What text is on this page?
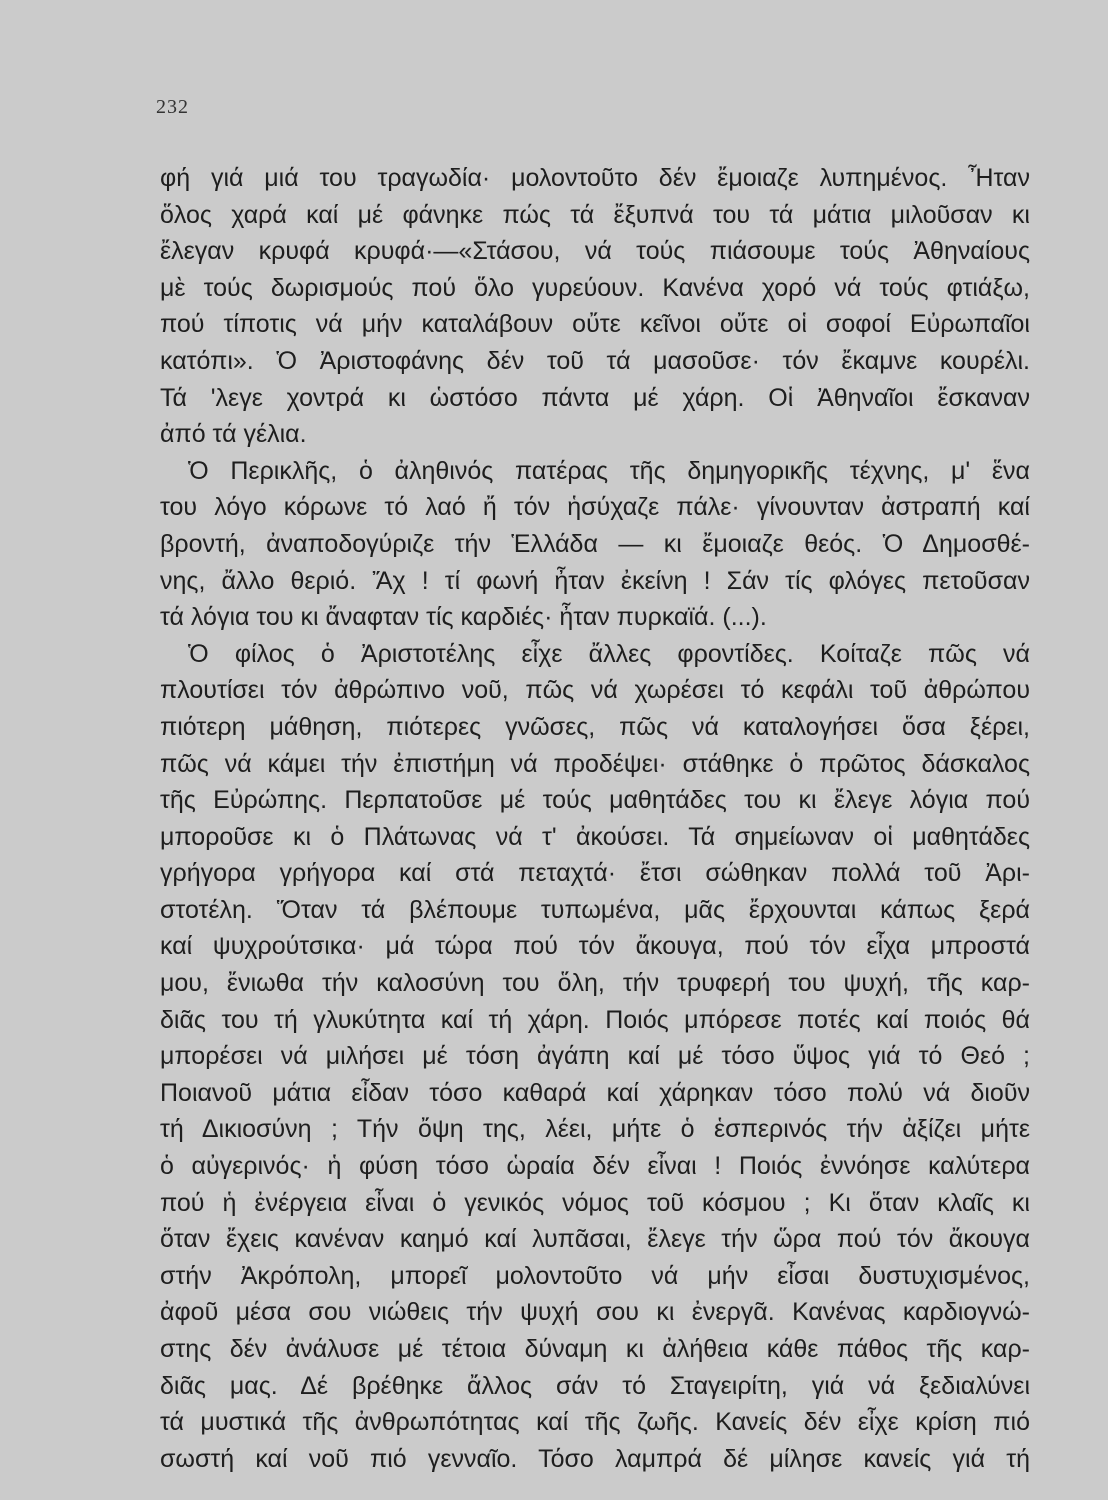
232
φή γιά μιά του τραγωδία· μολοντοῦτο δέν ἔμοιαζε λυπημένος. Ἦταν
ὅλος χαρά καί μέ φάνηκε πώς τά ἔξυπνά του τά μάτια μιλοῦσαν κι
ἔλεγαν κρυφά κρυφά·—«Στάσου, νά τούς πιάσουμε τούς Ἀθηναίους
μὲ τούς δωρισμούς πού ὅλο γυρεύουν. Κανένα χορό νά τούς φτιάξω,
πού τίποτις νά μήν καταλάβουν οὔτε κεῖνοι οὔτε οἱ σοφοί Εὐρωπαῖοι
κατόπι». Ὁ Ἀριστοφάνης δέν τοῦ τά μασοῦσε· τόν ἔκαμνε κουρέλι.
Τά 'λεγε χοντρά κι ὡστόσο πάντα μέ χάρη. Οἱ Ἀθηναῖοι ἔσκαναν
ἀπό τά γέλια.
Ὁ Περικλῆς, ὁ ἀληθινός πατέρας τῆς δημηγορικῆς τέχνης, μ' ἕνα
του λόγο κόρωνε τό λαό ἤ τόν ἡσύχαζε πάλε· γίνουνταν ἀστραπή καί
βροντή, ἀναποδογύριζε τήν Ἑλλάδα — κι ἔμοιαζε θεός. Ὁ Δημοσθέ-
νης, ἄλλο θεριό. Ἄχ ! τί φωνή ἦταν ἐκείνη ! Σάν τίς φλόγες πετοῦσαν
τά λόγια του κι ἄναφταν τίς καρδιές· ἦταν πυρκαϊά. (...).
Ὁ φίλος ὁ Ἀριστοτέλης εἶχε ἄλλες φροντίδες. Κοίταζε πῶς νά
πλουτίσει τόν ἀθρώπινο νοῦ, πῶς νά χωρέσει τό κεφάλι τοῦ ἀθρώπου
πιότερη μάθηση, πιότερες γνῶσες, πῶς νά καταλογήσει ὅσα ξέρει,
πῶς νά κάμει τήν ἐπιστήμη νά προδέψει· στάθηκε ὁ πρῶτος δάσκαλος
τῆς Εὐρώπης. Περπατοῦσε μέ τούς μαθητάδες του κι ἔλεγε λόγια πού
μποροῦσε κι ὁ Πλάτωνας νά τ' ἀκούσει. Τά σημείωναν οἱ μαθητάδες
γρήγορα γρήγορα καί στά πεταχτά· ἔτσι σώθηκαν πολλά τοῦ Ἀρι-
στοτέλη. Ὅταν τά βλέπουμε τυπωμένα, μᾶς ἔρχουνται κάπως ξερά
καί ψυχρούτσικα· μά τώρα πού τόν ἄκουγα, πού τόν εἶχα μπροστά
μου, ἔνιωθα τήν καλοσύνη του ὅλη, τήν τρυφερή του ψυχή, τῆς καρ-
διᾶς του τή γλυκύτητα καί τή χάρη. Ποιός μπόρεσε ποτές καί ποιός θά
μπορέσει νά μιλήσει μέ τόση ἀγάπη καί μέ τόσο ὕψος γιά τό Θεό ;
Ποιανοῦ μάτια εἶδαν τόσο καθαρά καί χάρηκαν τόσο πολύ νά διοῦν
τή Δικιοσύνη ; Τήν ὄψη της, λέει, μήτε ὁ ἑσπερινός τήν ἀξίζει μήτε
ὁ αὐγερινός· ἡ φύση τόσο ὡραία δέν εἶναι ! Ποιός ἐννόησε καλύτερα
πού ἡ ἐνέργεια εἶναι ὁ γενικός νόμος τοῦ κόσμου ; Κι ὅταν κλαῖς κι
ὅταν ἔχεις κανέναν καημό καί λυπᾶσαι, ἔλεγε τήν ὥρα πού τόν ἄκουγα
στήν Ἀκρόπολη, μπορεῖ μολοντοῦτο νά μήν εἶσαι δυστυχισμένος,
ἀφοῦ μέσα σου νιώθεις τήν ψυχή σου κι ἐνεργᾶ. Κανένας καρδιογνώ-
στης δέν ἀνάλυσε μέ τέτοια δύναμη κι ἀλήθεια κάθε πάθος τῆς καρ-
διᾶς μας. Δέ βρέθηκε ἄλλος σάν τό Σταγειρίτη, γιά νά ξεδιαλύνει
τά μυστικά τῆς ἀνθρωπότητας καί τῆς ζωῆς. Κανείς δέν εἶχε κρίση πιό
σωστή καί νοῦ πιό γενναῖο. Τόσο λαμπρά δέ μίλησε κανείς γιά τή
